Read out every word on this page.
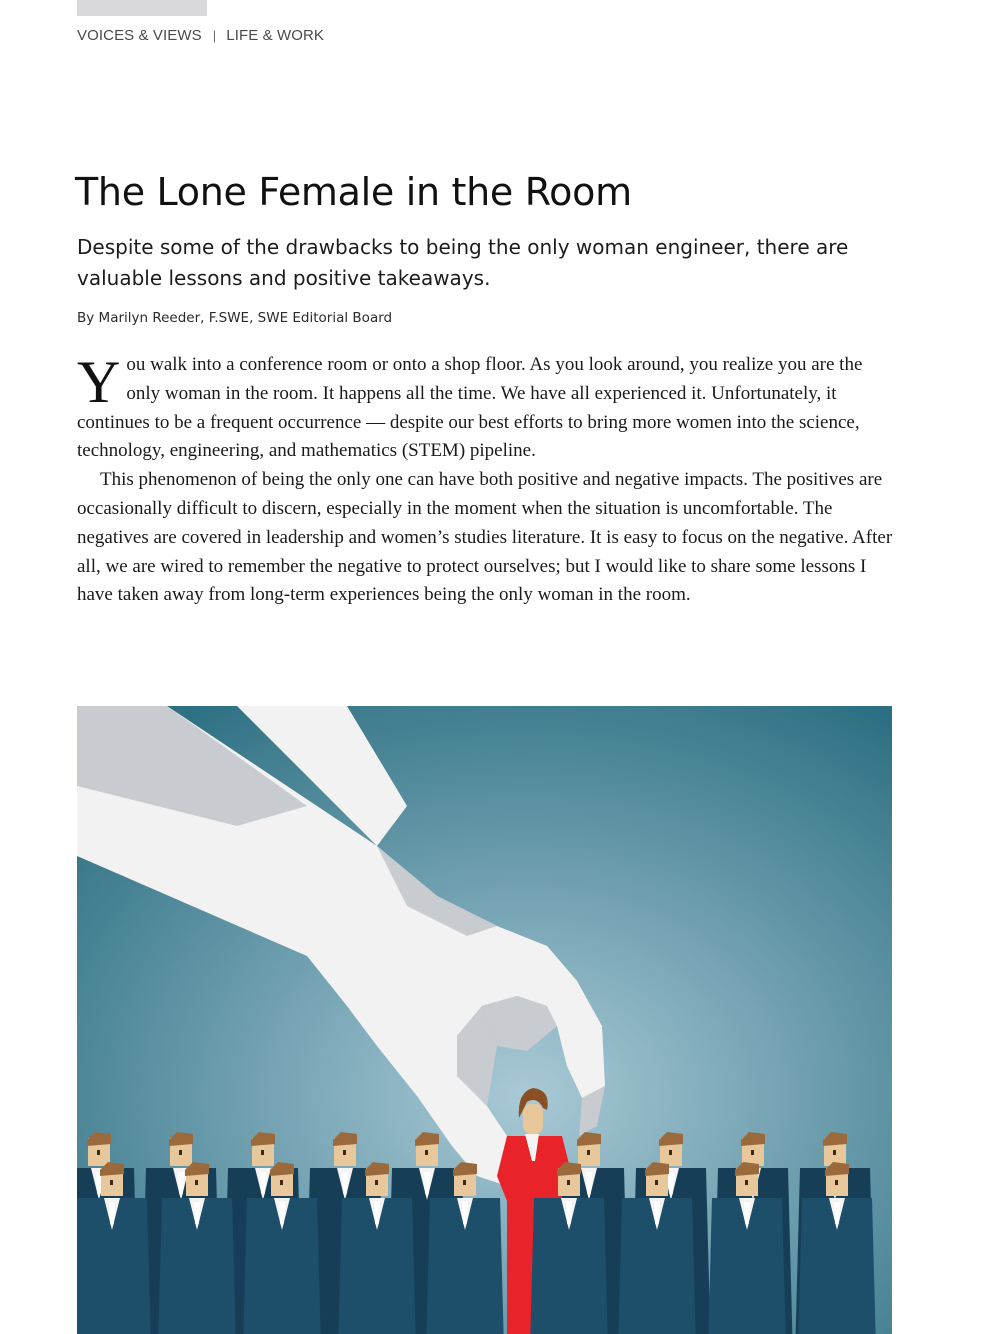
VOICES & VIEWS | LIFE & WORK
The Lone Female in the Room

Despite some of the drawbacks to being the only woman engineer, there are valuable lessons and positive takeaways.

By Marilyn Reeder, F.SWE, SWE Editorial Board

You walk into a conference room or onto a shop floor. As you look around, you realize you are the only woman in the room. It happens all the time. We have all experienced it. Unfortunately, it continues to be a frequent occurrence — despite our best efforts to bring more women into the science, technology, engineering, and mathematics (STEM) pipeline.

This phenomenon of being the only one can have both positive and negative impacts. The positives are occasionally difficult to discern, especially in the moment when the situation is uncomfortable. The negatives are covered in leadership and women’s studies literature. It is easy to focus on the negative. After all, we are wired to remember the negative to protect ourselves; but I would like to share some lessons I have taken away from long-term experiences being the only woman in the room.
